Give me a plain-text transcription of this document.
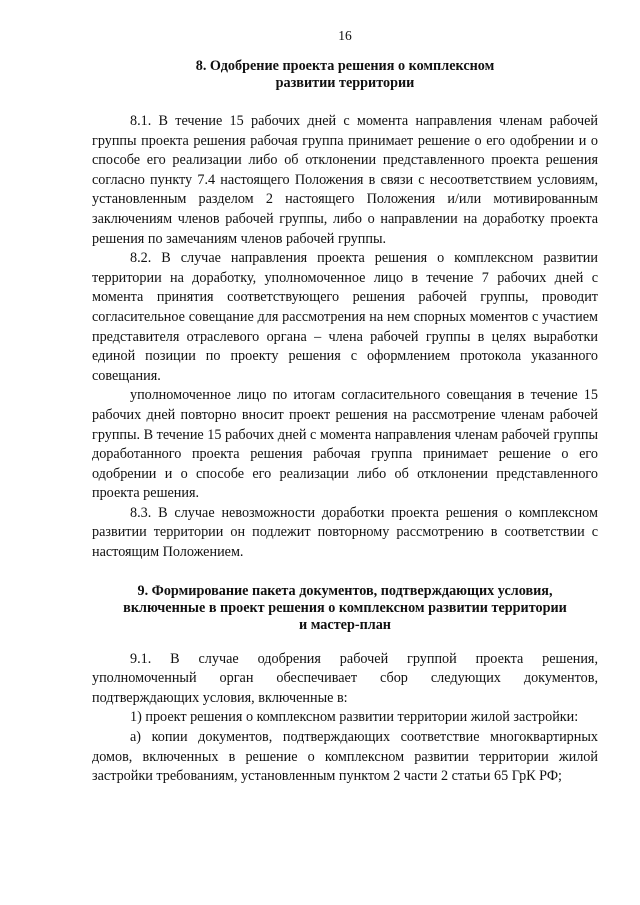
16
8. Одобрение проекта решения о комплексном
развитии территории

8.1. В течение 15 рабочих дней с момента направления членам рабочей группы проекта решения рабочая группа принимает решение о его одобрении и о способе его реализации либо об отклонении представленного проекта решения согласно пункту 7.4 настоящего Положения в связи с несоответствием условиям, установленным разделом 2 настоящего Положения и/или мотивированным заключениям членов рабочей группы, либо о направлении на доработку проекта решения по замечаниям членов рабочей группы.

8.2. В случае направления проекта решения о комплексном развитии территории на доработку, уполномоченное лицо в течение 7 рабочих дней с момента принятия соответствующего решения рабочей группы, проводит согласительное совещание для рассмотрения на нем спорных моментов с участием представителя отраслевого органа – члена рабочей группы в целях выработки единой позиции по проекту решения с оформлением протокола указанного совещания.

уполномоченное лицо по итогам согласительного совещания в течение 15 рабочих дней повторно вносит проект решения на рассмотрение членам рабочей группы. В течение 15 рабочих дней с момента направления членам рабочей группы доработанного проекта решения рабочая группа принимает решение о его одобрении и о способе его реализации либо об отклонении представленного проекта решения.

8.3. В случае невозможности доработки проекта решения о комплексном развитии территории он подлежит повторному рассмотрению в соответствии с настоящим Положением.

9. Формирование пакета документов, подтверждающих условия,
включенные в проект решения о комплексном развитии территории
и мастер-план

9.1. В случае одобрения рабочей группой проекта решения, уполномоченный орган обеспечивает сбор следующих документов, подтверждающих условия, включенные в:

1) проект решения о комплексном развитии территории жилой застройки:

а) копии документов, подтверждающих соответствие многоквартирных домов, включенных в решение о комплексном развитии территории жилой застройки требованиям, установленным пунктом 2 части 2 статьи 65 ГрК РФ;
